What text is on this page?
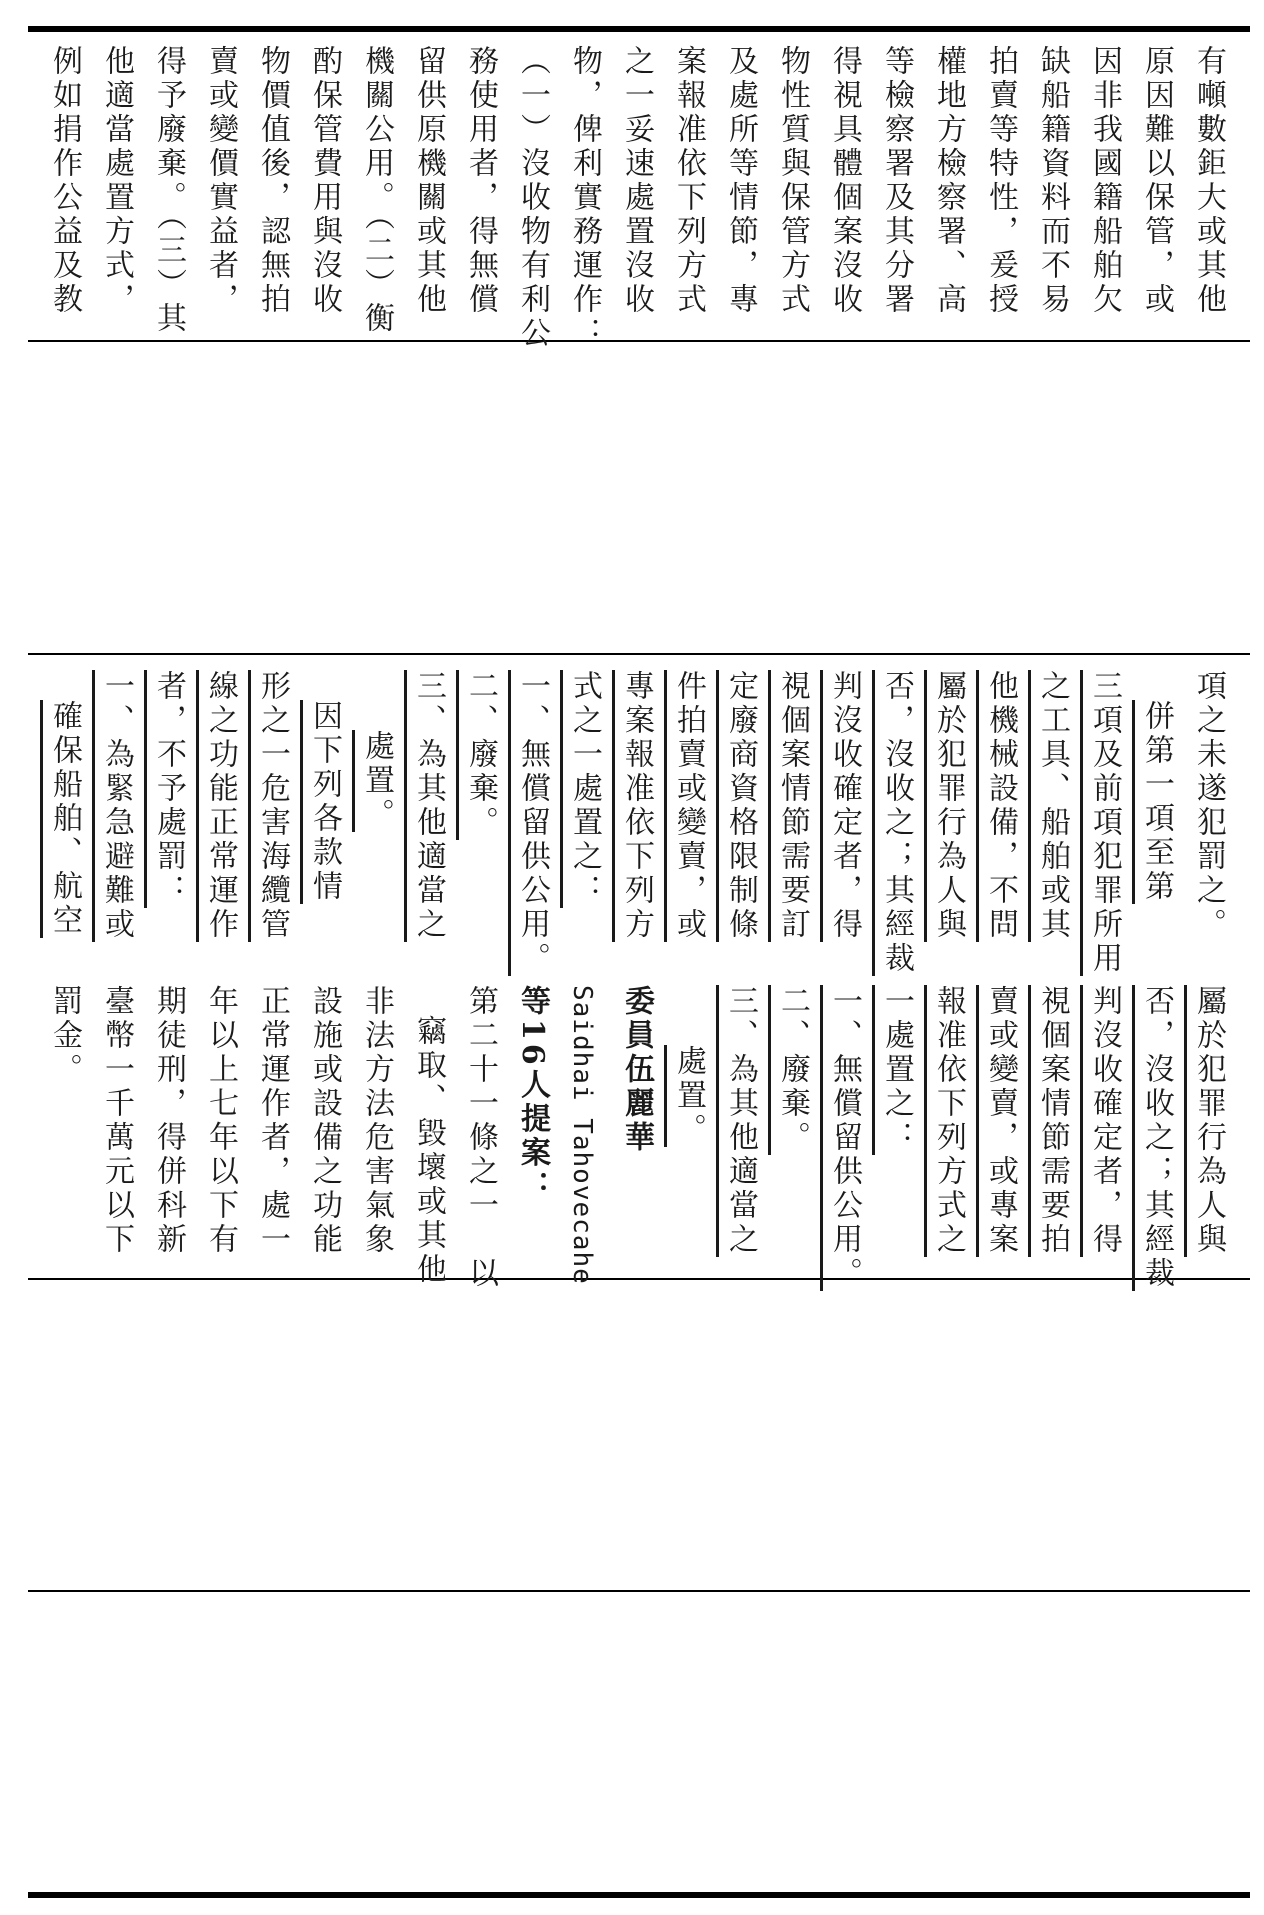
有噸數鉅大或其他
原因難以保管，或
因非我國籍船舶欠
缺船籍資料而不易
拍賣等特性，爰授
權地方檢察署、高
等檢察署及其分署
得視具體個案沒收
物性質與保管方式
及處所等情節，專
案報准依下列方式
之一妥速處置沒收
物，俾利實務運作：
（一）沒收物有利公
務使用者，得無償
留供原機關或其他
機關公用。（二）衡
酌保管費用與沒收
物價值後，認無拍
賣或變價實益者，
得予廢棄。（三）其
他適當處置方式，
例如捐作公益及教
項之未遂犯罰之。
併第一項至第
三項及前項犯罪所用
之工具、船舶或其
他機械設備，不問
屬於犯罪行為人與
否，沒收之；其經裁
判沒收確定者，得
視個案情節需要訂
定廢商資格限制條
件拍賣或變賣，或
專案報准依下列方
式之一處置之：
一、無償留供公用。
二、廢棄。
三、為其他適當之
處置。
因下列各款情
形之一危害海纜管
線之功能正常運作
者，不予處罰：
一、為緊急避難或
確保船舶、航空
屬於犯罪行為人與
否，沒收之；其經裁
判沒收確定者，得
視個案情節需要拍
賣或變賣，或專案
報准依下列方式之
一處置之：
一、無償留供公用。
二、廢棄。
三、為其他適當之
處置。
委員伍麗華
Saidhai Tahovecahe
等16人提案：
第二十一條之一　以
竊取、毀壞或其他
非法方法危害氣象
設施或設備之功能
正常運作者，處一
年以上七年以下有
期徒刑，得併科新
臺幣一千萬元以下
罰金。
